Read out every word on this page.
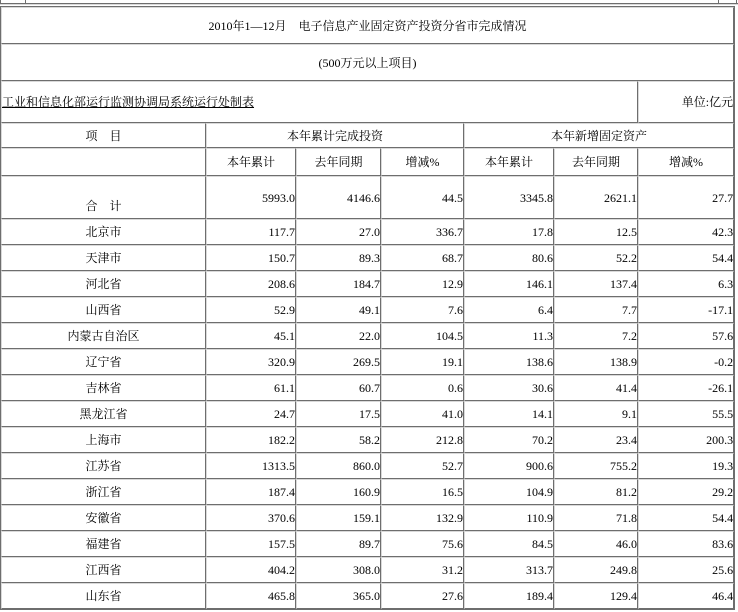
2010年1—12月　电子信息产业固定资产投资分省市完成情况						
(500万元以上项目)						
工业和信息化部运行监测协调局系统运行处制表						单位:亿元
项　目	本年累计完成投资			本年新增固定资产		
	本年累计	去年同期	增减%	本年累计	去年同期	增减%
合　计	5993.0	4146.6	44.5	3345.8	2621.1	27.7
北京市	117.7	27.0	336.7	17.8	12.5	42.3
天津市	150.7	89.3	68.7	80.6	52.2	54.4
河北省	208.6	184.7	12.9	146.1	137.4	6.3
山西省	52.9	49.1	7.6	6.4	7.7	-17.1
内蒙古自治区	45.1	22.0	104.5	11.3	7.2	57.6
辽宁省	320.9	269.5	19.1	138.6	138.9	-0.2
吉林省	61.1	60.7	0.6	30.6	41.4	-26.1
黑龙江省	24.7	17.5	41.0	14.1	9.1	55.5
上海市	182.2	58.2	212.8	70.2	23.4	200.3
江苏省	1313.5	860.0	52.7	900.6	755.2	19.3
浙江省	187.4	160.9	16.5	104.9	81.2	29.2
安徽省	370.6	159.1	132.9	110.9	71.8	54.4
福建省	157.5	89.7	75.6	84.5	46.0	83.6
江西省	404.2	308.0	31.2	313.7	249.8	25.6
山东省	465.8	365.0	27.6	189.4	129.4	46.4
